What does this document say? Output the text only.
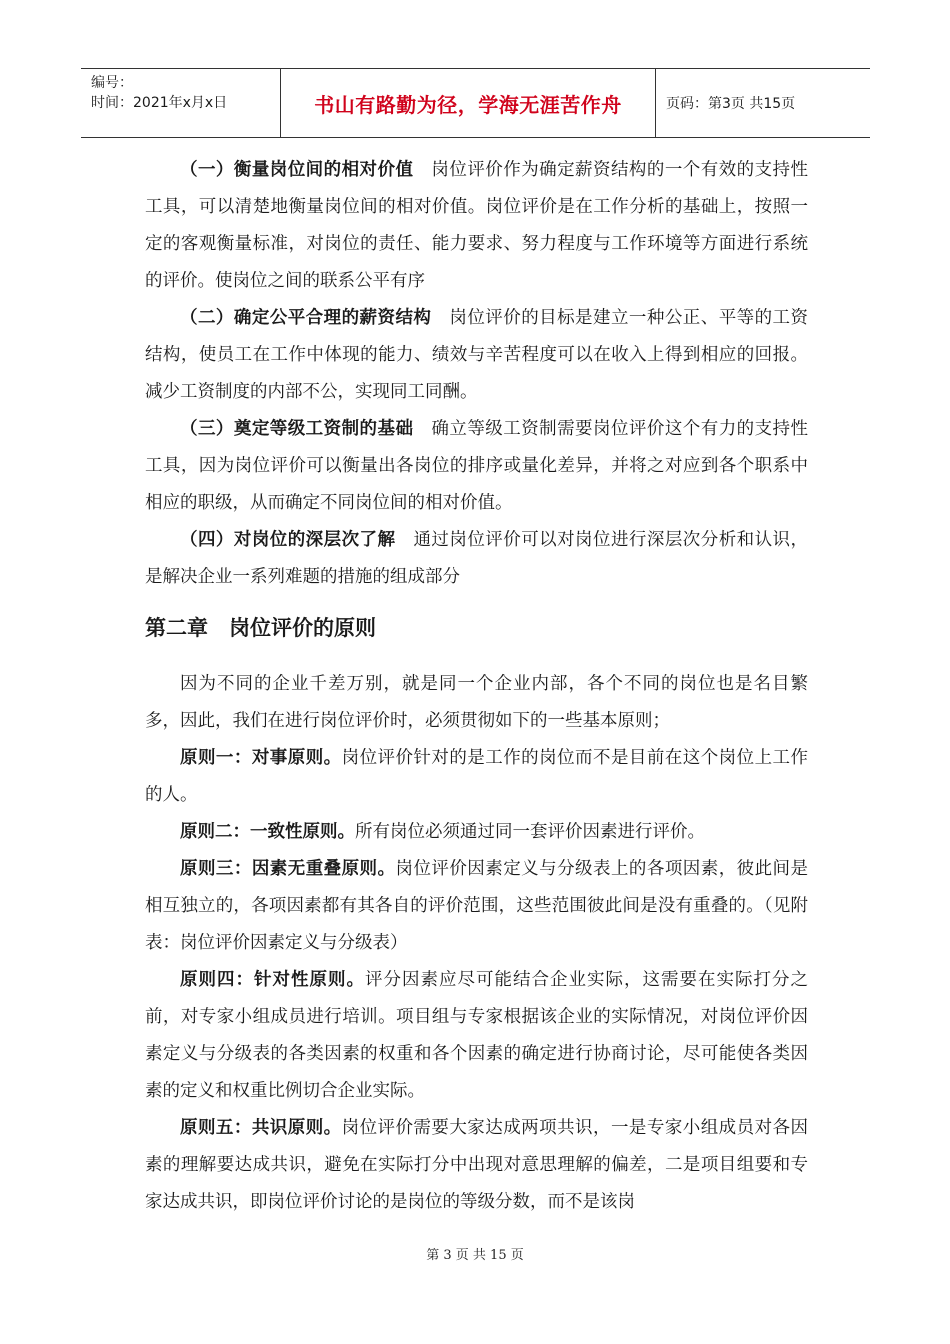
编号：
时间：2021年x月x日	书山有路勤为径，学海无涯苦作舟	页码：第3页 共15页

（一）衡量岗位间的相对价值 岗位评价作为确定薪资结构的一个有效的支持性工具，可以清楚地衡量岗位间的相对价值。岗位评价是在工作分析的基础上，按照一定的客观衡量标准，对岗位的责任、能力要求、努力程度与工作环境等方面进行系统的评价。使岗位之间的联系公平有序

（二）确定公平合理的薪资结构 岗位评价的目标是建立一种公正、平等的工资结构，使员工在工作中体现的能力、绩效与辛苦程度可以在收入上得到相应的回报。减少工资制度的内部不公，实现同工同酬。

（三）奠定等级工资制的基础 确立等级工资制需要岗位评价这个有力的支持性工具，因为岗位评价可以衡量出各岗位的排序或量化差异，并将之对应到各个职系中相应的职级，从而确定不同岗位间的相对价值。

（四）对岗位的深层次了解 通过岗位评价可以对岗位进行深层次分析和认识，是解决企业一系列难题的措施的组成部分

第二章　岗位评价的原则

因为不同的企业千差万别，就是同一个企业内部，各个不同的岗位也是名目繁多，因此，我们在进行岗位评价时，必须贯彻如下的一些基本原则；

原则一：对事原则。岗位评价针对的是工作的岗位而不是目前在这个岗位上工作的人。

原则二：一致性原则。所有岗位必须通过同一套评价因素进行评价。

原则三：因素无重叠原则。岗位评价因素定义与分级表上的各项因素，彼此间是相互独立的，各项因素都有其各自的评价范围，这些范围彼此间是没有重叠的。（见附表：岗位评价因素定义与分级表）

原则四：针对性原则。评分因素应尽可能结合企业实际，这需要在实际打分之前，对专家小组成员进行培训。项目组与专家根据该企业的实际情况，对岗位评价因素定义与分级表的各类因素的权重和各个因素的确定进行协商讨论，尽可能使各类因素的定义和权重比例切合企业实际。

原则五：共识原则。岗位评价需要大家达成两项共识，一是专家小组成员对各因素的理解要达成共识，避免在实际打分中出现对意思理解的偏差，二是项目组要和专家达成共识，即岗位评价讨论的是岗位的等级分数，而不是该岗

第 3 页 共 15 页
